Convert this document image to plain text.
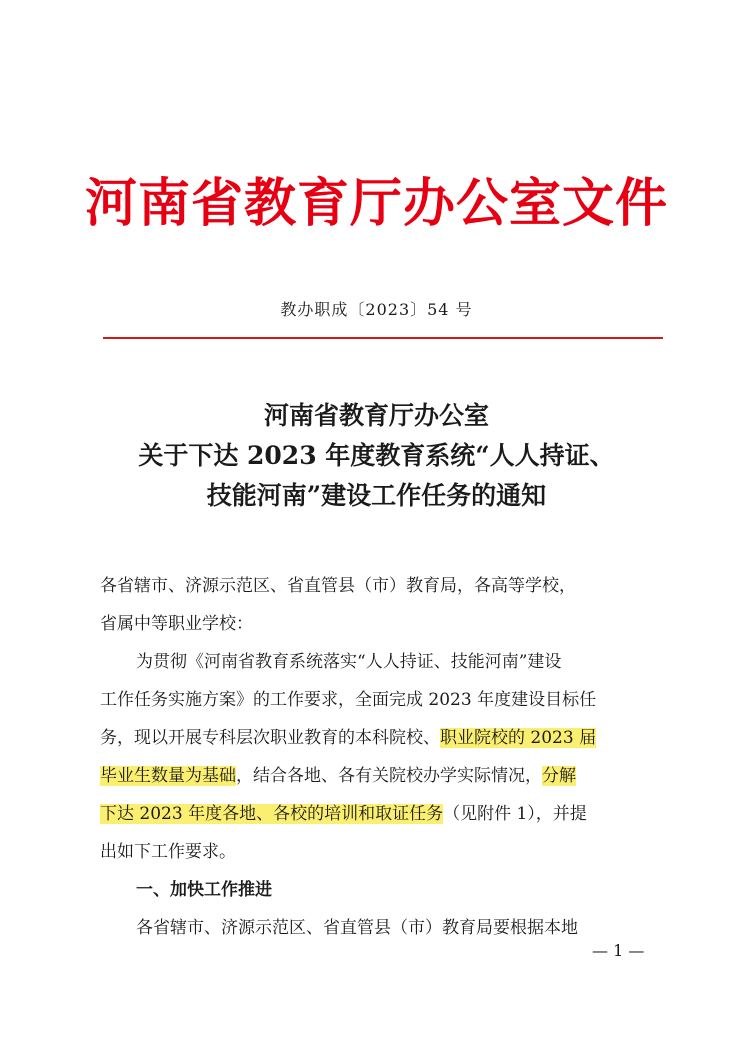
河南省教育厅办公室文件
教办职成〔2023〕54 号

河南省教育厅办公室

关于下达 2023 年度教育系统“人人持证、

技能河南”建设工作任务的通知

各省辖市、济源示范区、省直管县（市）教育局，各高等学校，

省属中等职业学校：

为贯彻《河南省教育系统落实“人人持证、技能河南”建设

工作任务实施方案》的工作要求，全面完成 2023 年度建设目标任

务，现以开展专科层次职业教育的本科院校、职业院校的 2023 届

毕业生数量为基础，结合各地、各有关院校办学实际情况，分解

下达 2023 年度各地、各校的培训和取证任务（见附件 1），并提

出如下工作要求。

一、加快工作推进

各省辖市、济源示范区、省直管县（市）教育局要根据本地

— 1 —
